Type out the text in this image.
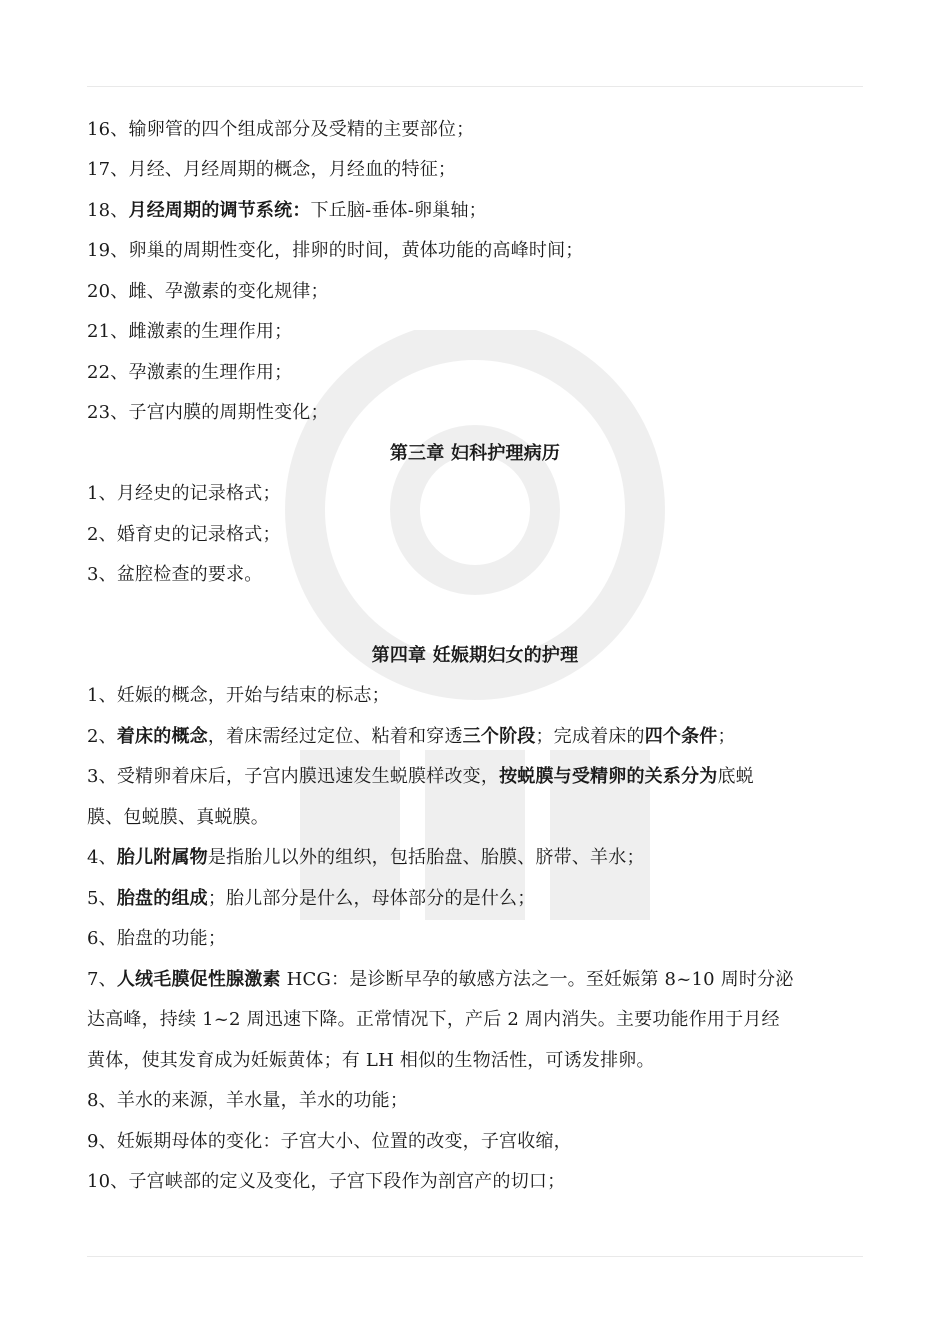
16、输卵管的四个组成部分及受精的主要部位；
17、月经、月经周期的概念，月经血的特征；
18、月经周期的调节系统：下丘脑-垂体-卵巢轴；
19、卵巢的周期性变化，排卵的时间，黄体功能的高峰时间；
20、雌、孕激素的变化规律；
21、雌激素的生理作用；
22、孕激素的生理作用；
23、子宫内膜的周期性变化；
第三章 妇科护理病历
1、月经史的记录格式；
2、婚育史的记录格式；
3、盆腔检查的要求。
第四章 妊娠期妇女的护理
1、妊娠的概念，开始与结束的标志；
2、着床的概念，着床需经过定位、粘着和穿透三个阶段；完成着床的四个条件；
3、受精卵着床后，子宫内膜迅速发生蜕膜样改变，按蜕膜与受精卵的关系分为底蜕
膜、包蜕膜、真蜕膜。
4、胎儿附属物是指胎儿以外的组织，包括胎盘、胎膜、脐带、羊水；
5、胎盘的组成；胎儿部分是什么，母体部分的是什么；
6、胎盘的功能；
7、人绒毛膜促性腺激素 HCG：是诊断早孕的敏感方法之一。至妊娠第 8~10 周时分泌
达高峰，持续 1~2 周迅速下降。正常情况下，产后 2 周内消失。主要功能作用于月经
黄体，使其发育成为妊娠黄体；有 LH 相似的生物活性，可诱发排卵。
8、羊水的来源，羊水量，羊水的功能；
9、妊娠期母体的变化：子宫大小、位置的改变，子宫收缩，
10、子宫峡部的定义及变化，子宫下段作为剖宫产的切口；
